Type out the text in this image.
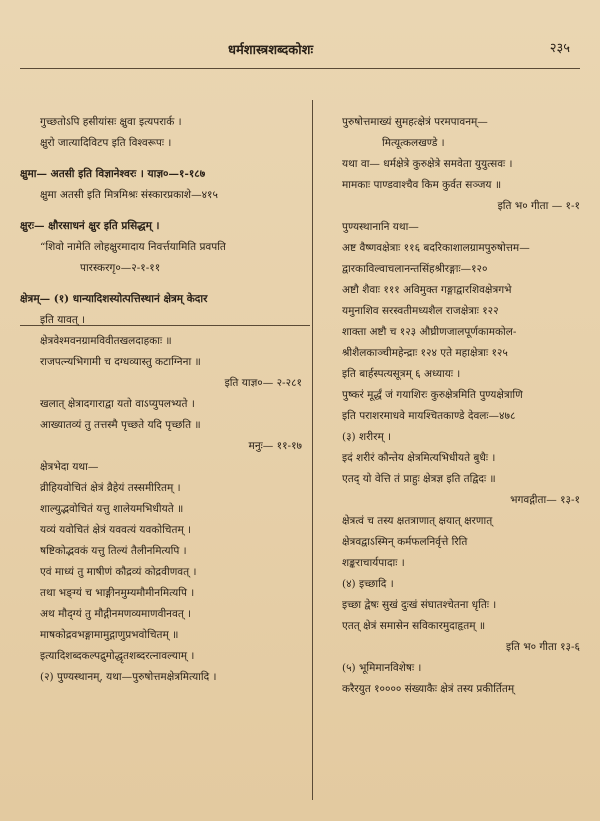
धर्मशास्त्रशब्दकोशः	२३५
गुच्छतोऽपि हसीयांसः क्षुवा इत्यपरार्क ।
क्षुरो जात्यादिविटप इति विश्वरूपः ।
क्षुमा— अतसी इति विज्ञानेश्वरः । याज्ञ०—१-१८७
क्षुमा अतसी इति मित्रमिश्रः संस्कारप्रकाशे—४१५
क्षुरः— क्षौरसाधनं क्षुर इति प्रसिद्धम् ।
“शिवो नामेति लोहक्षुरमादाय निवर्त्तयामिति प्रवपति
पारस्करगृ०—२-१-११
क्षेत्रम्— (१) धान्यादिशस्योत्पत्तिस्थानं क्षेत्रम् केदार
इति यावत् ।
क्षेत्रवेश्मवनग्रामविवीतखलदाहकाः ॥
राजपत्न्यभिगामी च दग्धव्यास्तु कटाग्निना ॥
इति याज्ञ०— २-२८१
खलात् क्षेत्रादगाराद्वा यतो वाऽप्युपलभ्यते ।
आख्यातव्यं तु तत्तस्मै पृच्छते यदि पृच्छति ॥
मनुः— ११-१७
क्षेत्रभेदा यथा—
व्रीहियवोचितं क्षेत्रं व्रैहेयं तस्समीरितम् ।
शाल्युद्भवोचितं यत्तु शालेयमभिधीयते ॥
यव्यं यवोचितं क्षेत्रं यववत्यं यवकोचितम् ।
षष्टिकोद्भवकं यत्तु तिल्यं तैलीनमित्यपि ।
एवं माध्यं तु माषीणं कौद्रव्यं कोद्रवीणवत् ।
तथा भङ्ग्यं च भाङ्गीनमुम्यमौमीनमित्यपि ।
अथ मौद्ग्यं तु मौद्गीनमणव्यमाणवीनवत् ।
माषकोद्रवभङ्गामामुद्गाणुप्रभवोचितम् ॥
इत्यादिशब्दकल्पद्रुमोद्धृतशब्दरत्नावल्याम् ।
(२) पुण्यस्थानम्, यथा—पुरुषोत्तमक्षेत्रमित्यादि ।
पुरुषोत्तमाख्यं सुमहत्क्षेत्रं परमपावनम्—
मित्यूत्कलखण्डे ।
यथा वा— धर्मक्षेत्रे कुरुक्षेत्रे समवेता युयुत्सवः ।
मामकाः पाण्डवाश्चैव किम कुर्वत सञ्जय ॥
इति भ० गीता — १-१
पुण्यस्थानानि यथा—
अष्ट वैष्णवक्षेत्राः ११६ बदरिकाशालग्रामपुरुषोत्तम—
द्वारकाविल्वाचलानन्तसिंहश्रीरङ्गाः—१२०
अष्टौ शैवाः १११ अविमुक्त गङ्गाद्वारशिवक्षेत्रगभे
यमुनाशिव सरस्वतीमध्यशैल राजक्षेत्राः १२२
शाक्ता अष्टौ च १२३ औघ्रीणजालपूर्णकामकोल-
श्रीशैलकाञ्चीमहेन्द्राः १२४ एते महाक्षेत्राः १२५
इति बार्हस्पत्यसूत्रम् ६ अध्यायः ।
पुष्करं मूर्द्धं जं गयाशिरः कुरुक्षेत्रमिति पुण्यक्षेत्राणि
इति पराशरमाधवे मायश्चितकाण्डे देवलः—४७८
(३) शरीरम् ।
इदं शरीरं कौन्तेय क्षेत्रमित्यभिधीयते बुधैः ।
एतद् यो वेत्ति तं प्राहुः क्षेत्रज्ञ इति तद्विदः ॥
भगवद्गीता— १३-१
क्षेत्रत्वं च तस्य क्षतत्राणात् क्षयात् क्षरणात्
क्षेत्रवद्वाऽस्मिन् कर्मफलनिर्वृत्ते रिति
शङ्कराचार्यपादाः ।
(४) इच्छादि ।
इच्छा द्वेषः सुखं दुःखं संघातश्चेतना धृतिः ।
एतत् क्षेत्रं समासेन सविकारमुदाहृतम् ॥
इति भ० गीता १३-६
(५) भूमिमानविशेषः ।
करैरयुत १०००० संख्याकैः क्षेत्रं तस्य प्रकीर्तितम्
